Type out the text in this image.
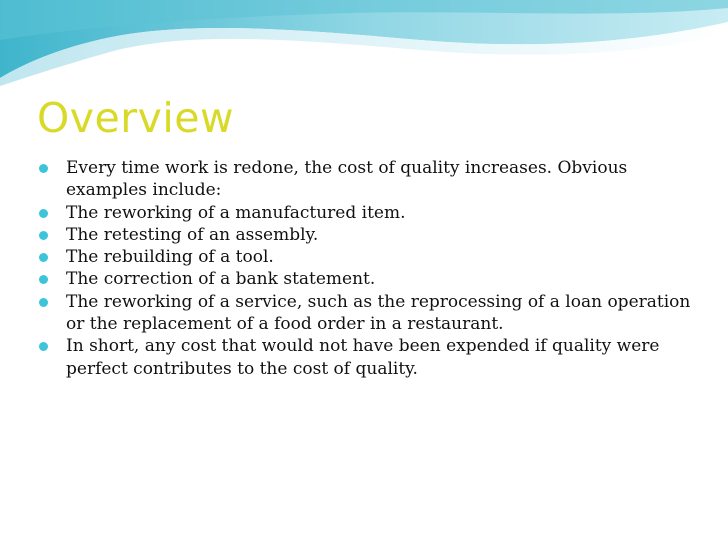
Overview
Every time work is redone, the cost of quality increases. Obvious examples include:
The reworking of a manufactured item.
The retesting of an assembly.
The rebuilding of a tool.
The correction of a bank statement.
The reworking of a service, such as the reprocessing of a loan operation or the replacement of a food order in a restaurant.
In short, any cost that would not have been expended if quality were perfect contributes to the cost of quality.
